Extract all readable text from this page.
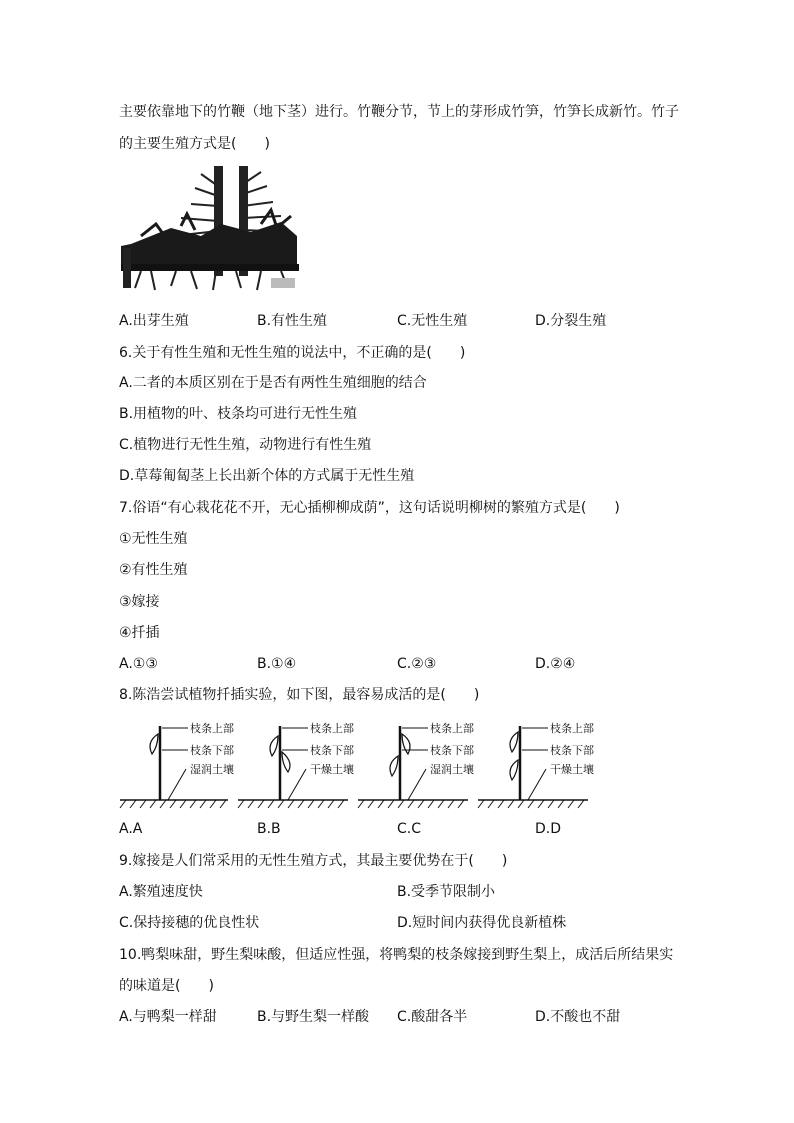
主要依靠地下的竹鞭（地下茎）进行。竹鞭分节，节上的芽形成竹笋，竹笋长成新竹。竹子
的主要生殖方式是(　　)
A.出芽生殖	B.有性生殖	C.无性生殖	D.分裂生殖
6.关于有性生殖和无性生殖的说法中，不正确的是(　　)
A.二者的本质区别在于是否有两性生殖细胞的结合
B.用植物的叶、枝条均可进行无性生殖
C.植物进行无性生殖，动物进行有性生殖
D.草莓匍匐茎上长出新个体的方式属于无性生殖
7.俗语“有心栽花花不开，无心插柳柳成荫”，这句话说明柳树的繁殖方式是(　　)
①无性生殖
②有性生殖
③嫁接
④扦插
A.①③	B.①④	C.②③	D.②④
8.陈浩尝试植物扦插实验，如下图，最容易成活的是(　　)
枝条上部
枝条下部
湿润土壤
枝条上部
枝条下部
干燥土壤
枝条上部
枝条下部
湿润土壤
枝条上部
枝条下部
干燥土壤
A.A	B.B	C.C	D.D
9.嫁接是人们常采用的无性生殖方式，其最主要优势在于(　　)
A.繁殖速度快	B.受季节限制小
C.保持接穗的优良性状	D.短时间内获得优良新植株
10.鸭梨味甜，野生梨味酸，但适应性强，将鸭梨的枝条嫁接到野生梨上，成活后所结果实
的味道是(　　)
A.与鸭梨一样甜	B.与野生梨一样酸 C.酸甜各半	D.不酸也不甜
